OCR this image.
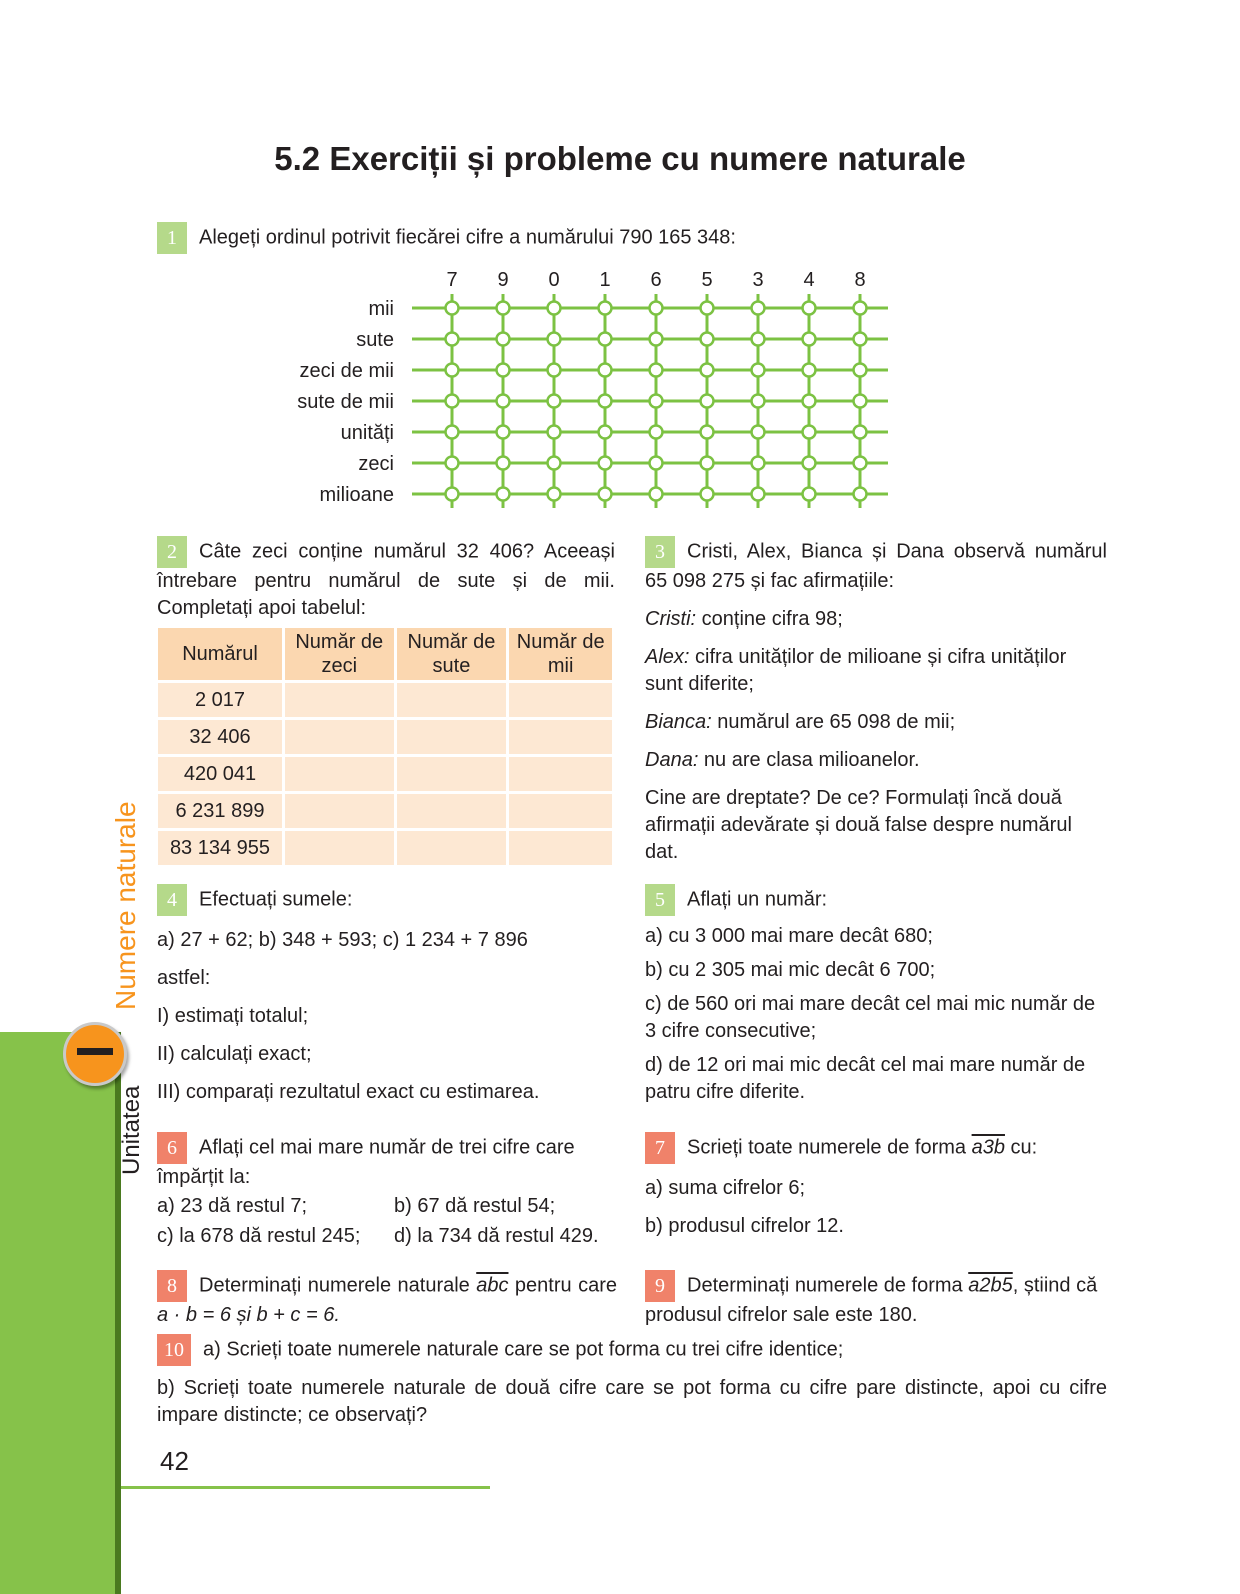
5.2 Exerciții și probleme cu numere naturale
1 Alegeți ordinul potrivit fiecărei cifre a numărului 790 165 348:
7 9 0 1 6 5 3 4 8
mii
sute
zeci de mii
sute de mii
unități
zeci
milioane
2 Câte zeci conține numărul 32 406? Aceeași întrebare pentru numărul de sute și de mii. Completați apoi tabelul:
Numărul	Număr de zeci	Număr de sute	Număr de mii
2 017			
32 406			
420 041			
6 231 899			
83 134 955			

3 Cristi, Alex, Bianca și Dana observă numărul 65 098 275 și fac afirmațiile:

Cristi: conține cifra 98;

Alex: cifra unităților de milioane și cifra unităților sunt diferite;

Bianca: numărul are 65 098 de mii;

Dana: nu are clasa milioanelor.

Cine are dreptate? De ce? Formulați încă două afirmații adevărate și două false despre numărul dat.

4 Efectuați sumele:

a) 27 + 62; b) 348 + 593; c) 1 234 + 7 896

astfel:

I) estimați totalul;

II) calculați exact;

III) comparați rezultatul exact cu estimarea.

5 Aflați un număr:

a) cu 3 000 mai mare decât 680;

b) cu 2 305 mai mic decât 6 700;

c) de 560 ori mai mare decât cel mai mic număr de 3 cifre consecutive;

d) de 12 ori mai mic decât cel mai mare număr de patru cifre diferite.

6 Aflați cel mai mare număr de trei cifre care împărțit la:

a) 23 dă restul 7;	b) 67 dă restul 54;
c) la 678 dă restul 245; d) la 734 dă restul 429.

7 Scrieți toate numerele de forma a3b cu:

a) suma cifrelor 6;

b) produsul cifrelor 12.

8 Determinați numerele naturale $\overline{abc}$ pentru care a · b = 6 și b + c = 6.
9 Determinați numerele de forma a2b5, știind că produsul cifrelor sale este 180.

10 a) Scrieți toate numerele naturale care se pot forma cu trei cifre identice;

b) Scrieți toate numerele naturale de două cifre care se pot forma cu cifre pare distincte, apoi cu cifre impare distincte; ce observați?

42
Unitatea
Numere naturale
